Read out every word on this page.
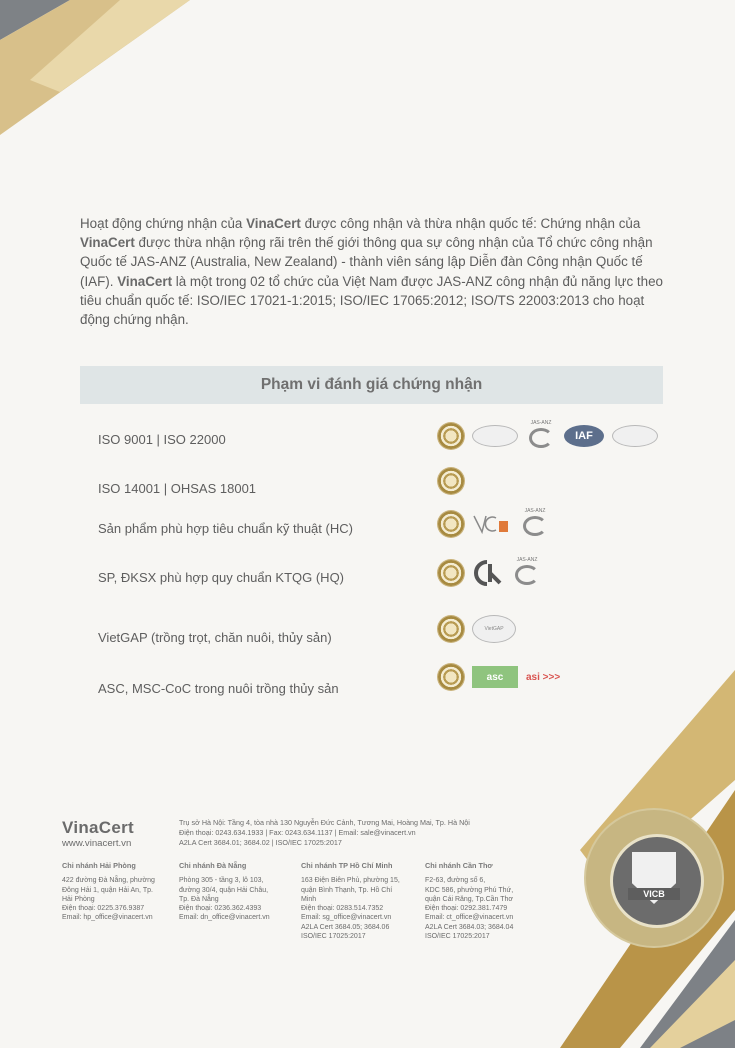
Hoạt động chứng nhận của VinaCert được công nhận và thừa nhận quốc tế: Chứng nhận của VinaCert được thừa nhận rộng rãi trên thế giới thông qua sự công nhận của Tổ chức công nhận Quốc tế JAS-ANZ (Australia, New Zealand) - thành viên sáng lập Diễn đàn Công nhận Quốc tế (IAF). VinaCert là một trong 02 tổ chức của Việt Nam được JAS-ANZ công nhận đủ năng lực theo tiêu chuẩn quốc tế: ISO/IEC 17021-1:2015; ISO/IEC 17065:2012; ISO/TS 22003:2013 cho hoạt động chứng nhận.
Phạm vi đánh giá chứng nhận
ISO 9001 | ISO 22000
JAS-ANZ
IAF
ISO 14001 | OHSAS 18001
Sản phẩm phù hợp tiêu chuẩn kỹ thuật (HC)
JAS-ANZ
SP, ĐKSX phù hợp quy chuẩn KTQG (HQ)
JAS-ANZ
VietGAP (trồng trọt, chăn nuôi, thủy sản)
VietGAP
ASC, MSC-CoC trong nuôi trồng thủy sản
asc asi >>>
VinaCert
www.vinacert.vn
Trụ sở Hà Nội: Tầng 4, tòa nhà 130 Nguyễn Đức Cảnh, Tương Mai, Hoàng Mai, Tp. Hà Nội
Điện thoại: 0243.634.1933 | Fax: 0243.634.1137 | Email: sale@vinacert.vn
A2LA Cert 3684.01; 3684.02 | ISO/IEC 17025:2017
Chi nhánh Hải Phòng
422 đường Đà Nẵng, phường
Đông Hải 1, quận Hải An, Tp.
Hải Phòng
Điện thoại: 0225.376.9387
Email: hp_office@vinacert.vn
Chi nhánh Đà Nẵng
Phòng 305 - tầng 3, lô 103,
đường 30/4, quận Hải Châu,
Tp. Đà Nẵng
Điện thoại: 0236.362.4393
Email: dn_office@vinacert.vn
Chi nhánh TP Hồ Chí Minh
163 Điện Biên Phủ, phường 15,
quận Bình Thạnh, Tp. Hồ Chí
Minh
Điện thoại: 0283.514.7352
Email: sg_office@vinacert.vn
A2LA Cert 3684.05; 3684.06
ISO/IEC 17025:2017
Chi nhánh Cần Thơ
F2-63, đường số 6,
KDC 586, phường Phú Thứ,
quận Cái Răng, Tp.Cần Thơ
Điện thoại: 0292.381.7479
Email: ct_office@vinacert.vn
A2LA Cert 3684.03; 3684.04
ISO/IEC 17025:2017
VICB
